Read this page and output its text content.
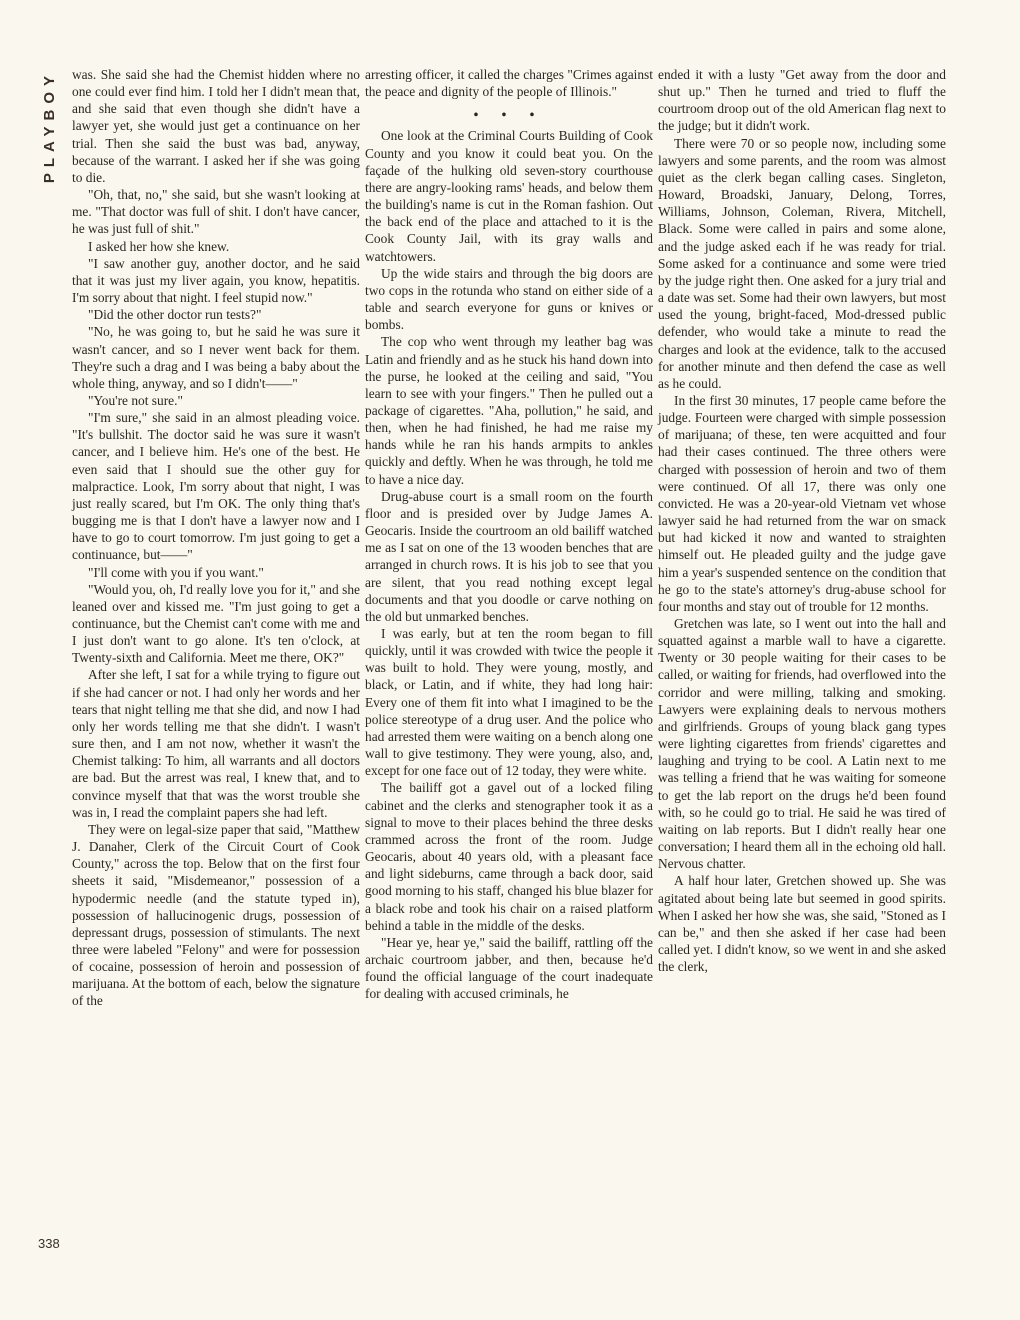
PLAYBOY was. She said she had the Chemist hidden where no one could ever find him. I told her I didn't mean that, and she said that even though she didn't have a lawyer yet, she would just get a continuance on her trial. Then she said the bust was bad, anyway, because of the warrant. I asked her if she was going to die.

"Oh, that, no," she said, but she wasn't looking at me. "That doctor was full of shit. I don't have cancer, he was just full of shit."

I asked her how she knew.

"I saw another guy, another doctor, and he said that it was just my liver again, you know, hepatitis. I'm sorry about that night. I feel stupid now."

"Did the other doctor run tests?"

"No, he was going to, but he said he was sure it wasn't cancer, and so I never went back for them. They're such a drag and I was being a baby about the whole thing, anyway, and so I didn't——"

"You're not sure."

"I'm sure," she said in an almost pleading voice. "It's bullshit. The doctor said he was sure it wasn't cancer, and I believe him. He's one of the best. He even said that I should sue the other guy for malpractice. Look, I'm sorry about that night, I was just really scared, but I'm OK. The only thing that's bugging me is that I don't have a lawyer now and I have to go to court tomorrow. I'm just going to get a continuance, but——"

"I'll come with you if you want."

"Would you, oh, I'd really love you for it," and she leaned over and kissed me. "I'm just going to get a continuance, but the Chemist can't come with me and I just don't want to go alone. It's ten o'clock, at Twenty-sixth and California. Meet me there, OK?"

After she left, I sat for a while trying to figure out if she had cancer or not. I had only her words and her tears that night telling me that she did, and now I had only her words telling me that she didn't. I wasn't sure then, and I am not now, whether it wasn't the Chemist talking: To him, all warrants and all doctors are bad. But the arrest was real, I knew that, and to convince myself that that was the worst trouble she was in, I read the complaint papers she had left.

They were on legal-size paper that said, "Matthew J. Danaher, Clerk of the Circuit Court of Cook County," across the top. Below that on the first four sheets it said, "Misdemeanor," possession of a hypodermic needle (and the statute typed in), possession of hallucinogenic drugs, possession of depressant drugs, possession of stimulants. The next three were labeled "Felony" and were for possession of cocaine, possession of heroin and possession of marijuana. At the bottom of each, below the signature of the

arresting officer, it called the charges "Crimes against the peace and dignity of the people of Illinois."

• • •

One look at the Criminal Courts Building of Cook County and you know it could beat you. On the façade of the hulking old seven-story courthouse there are angry-looking rams' heads, and below them the building's name is cut in the Roman fashion. Out the back end of the place and attached to it is the Cook County Jail, with its gray walls and watchtowers.

Up the wide stairs and through the big doors are two cops in the rotunda who stand on either side of a table and search everyone for guns or knives or bombs.

The cop who went through my leather bag was Latin and friendly and as he stuck his hand down into the purse, he looked at the ceiling and said, "You learn to see with your fingers." Then he pulled out a package of cigarettes. "Aha, pollution," he said, and then, when he had finished, he had me raise my hands while he ran his hands armpits to ankles quickly and deftly. When he was through, he told me to have a nice day.

Drug-abuse court is a small room on the fourth floor and is presided over by Judge James A. Geocaris. Inside the courtroom an old bailiff watched me as I sat on one of the 13 wooden benches that are arranged in church rows. It is his job to see that you are silent, that you read nothing except legal documents and that you doodle or carve nothing on the old but unmarked benches.

I was early, but at ten the room began to fill quickly, until it was crowded with twice the people it was built to hold. They were young, mostly, and black, or Latin, and if white, they had long hair: Every one of them fit into what I imagined to be the police stereotype of a drug user. And the police who had arrested them were waiting on a bench along one wall to give testimony. They were young, also, and, except for one face out of 12 today, they were white.

The bailiff got a gavel out of a locked filing cabinet and the clerks and stenographer took it as a signal to move to their places behind the three desks crammed across the front of the room. Judge Geocaris, about 40 years old, with a pleasant face and light sideburns, came through a back door, said good morning to his staff, changed his blue blazer for a black robe and took his chair on a raised platform behind a table in the middle of the desks.

"Hear ye, hear ye," said the bailiff, rattling off the archaic courtroom jabber, and then, because he'd found the official language of the court inadequate for dealing with accused criminals, he

ended it with a lusty "Get away from the door and shut up." Then he turned and tried to fluff the courtroom droop out of the old American flag next to the judge; but it didn't work.

There were 70 or so people now, including some lawyers and some parents, and the room was almost quiet as the clerk began calling cases. Singleton, Howard, Broadski, January, Delong, Torres, Williams, Johnson, Coleman, Rivera, Mitchell, Black. Some were called in pairs and some alone, and the judge asked each if he was ready for trial. Some asked for a continuance and some were tried by the judge right then. One asked for a jury trial and a date was set. Some had their own lawyers, but most used the young, bright-faced, Mod-dressed public defender, who would take a minute to read the charges and look at the evidence, talk to the accused for another minute and then defend the case as well as he could.

In the first 30 minutes, 17 people came before the judge. Fourteen were charged with simple possession of marijuana; of these, ten were acquitted and four had their cases continued. The three others were charged with possession of heroin and two of them were continued. Of all 17, there was only one convicted. He was a 20-year-old Vietnam vet whose lawyer said he had returned from the war on smack but had kicked it now and wanted to straighten himself out. He pleaded guilty and the judge gave him a year's suspended sentence on the condition that he go to the state's attorney's drug-abuse school for four months and stay out of trouble for 12 months.

Gretchen was late, so I went out into the hall and squatted against a marble wall to have a cigarette. Twenty or 30 people waiting for their cases to be called, or waiting for friends, had overflowed into the corridor and were milling, talking and smoking. Lawyers were explaining deals to nervous mothers and girlfriends. Groups of young black gang types were lighting cigarettes from friends' cigarettes and laughing and trying to be cool. A Latin next to me was telling a friend that he was waiting for someone to get the lab report on the drugs he'd been found with, so he could go to trial. He said he was tired of waiting on lab reports. But I didn't really hear one conversation; I heard them all in the echoing old hall. Nervous chatter.

A half hour later, Gretchen showed up. She was agitated about being late but seemed in good spirits. When I asked her how she was, she said, "Stoned as I can be," and then she asked if her case had been called yet. I didn't know, so we went in and she asked the clerk,

338
